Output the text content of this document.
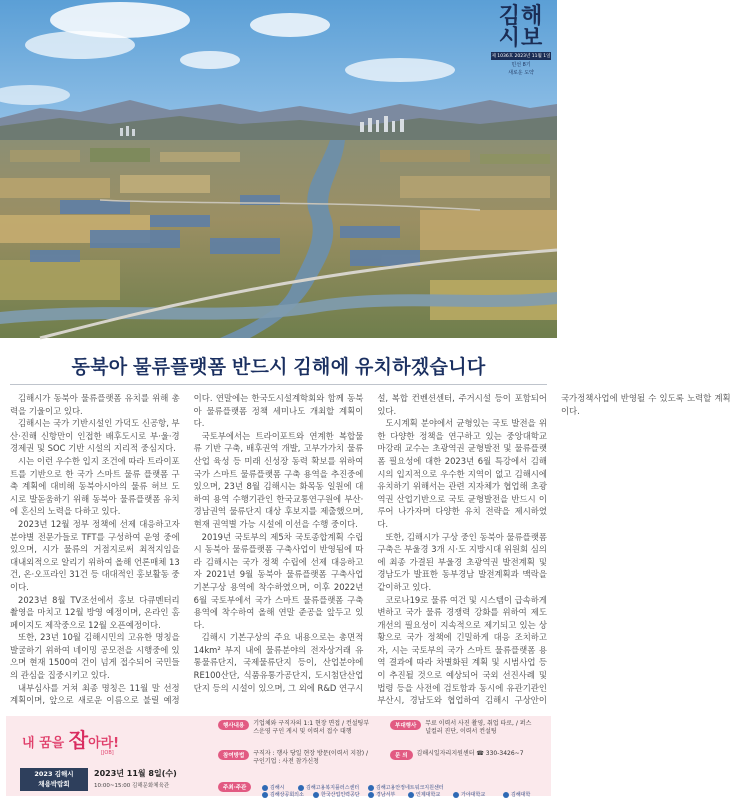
김해
시보
제 1036호 2023년 11월 1일
민선 8기
새로운 도약
동북아 물류플랫폼 반드시 김해에 유치하겠습니다

김해시가 동북아 물류플랫폼 유치를 위해 총력을 기울이고 있다.

김해시는 국가 기반시설인 가덕도 신공항, 부산·진해 신항만이 인접한 배후도시로 부·울·경 경제권 및 SOC 기반 시설의 지리적 중심지다.

시는 이런 우수한 입지 조건에 따라 트라이포트를 기반으로 한 국가 스마트 물류 플랫폼 구축 계획에 대비해 동북아시아의 물류 허브 도시로 발돋움하기 위해 동북아 물류플랫폼 유치에 혼신의 노력을 다하고 있다.

2023년 12월 정부 정책에 선제 대응하고자 분야별 전문가들로 TFT를 구성하여 운영 중에 있으며, 시가 물류의 거점지로써 최적지임을 대내외적으로 알리기 위하여 올해 언론매체 13건, 온·오프라인 31건 등 대대적인 홍보활동 중이다.

2023년 8월 TV조선에서 홍보 다큐멘터리 촬영을 마치고 12월 방영 예정이며, 온라인 홈페이지도 제작중으로 12월 오픈예정이다.

또한, 23년 10월 김해시민의 고유한 명칭을 발굴하기 위하여 네이밍 공모전을 시행중에 있으며 현재 1500여 건이 넘게 접수되어 국민들의 관심을 집중시키고 있다.

내부심사를 거쳐 최종 명칭은 11월 말 선정계획이며, 앞으로 새로운 이름으로 불릴 예정이다. 연말에는 한국도시설계학회와 함께 동북아 물류플랫폼 정책 세미나도 개최할 계획이다.

국토부에서는 트라이포트와 연계한 복합물류 기반 구축, 배후권역 개발, 고부가가치 물류산업 육성 등 미래 신성장 동력 확보를 위하여 국가 스마트 물류플랫폼 구축 용역을 추진중에 있으며, 23년 8월 김해시는 화목동 일원에 대하여 용역 수행기관인 한국교통연구원에 부산·경남권역 물류단지 대상 후보지를 제출했으며, 현재 권역별 가능 시설에 이선을 수행 중이다.

2019년 국토부의 제5차 국토종합계획 수립 시 동북아 물류플랫폼 구축사업이 반영됨에 따라 김해시는 국가 정책 수립에 선제 대응하고자 2021년 9월 동북아 물류플랫폼 구축사업 기본구상 용역에 착수하였으며, 이후 2022년 6월 국토부에서 국가 스마트 물류플랫폼 구축 용역에 착수하여 올해 연말 준공을 앞두고 있다.

김해시 기본구상의 주요 내용으로는 총면적 14km² 부지 내에 물류분야의 전자상거래 유통물류단지, 국제물류단지 등이, 산업분야에 RE100산단, 식품유통가공단지, 도시첨단산업단지 등의 시설이 있으며, 그 외에 R&D 연구시설, 복합 컨벤션센터, 주거시설 등이 포함되어 있다.

도시계획 분야에서 균형있는 국토 발전을 위한 다양한 정책을 연구하고 있는 중앙대학교 마강래 교수는 초광역권 균형발전 및 물류플랫폼 필요성에 대한 2023년 6월 특강에서 김해시의 입지적으로 우수한 지역이 없고 김해시에 유치하기 위해서는 관련 지자체가 협업해 초광역권 산업기반으로 국토 균형발전을 반드시 이루어 나가자며 다양한 유치 전략을 제시하였다.

또한, 김해시가 구상 중인 동북아 물류플랫폼 구축은 부울경 3개 시·도 지방시대 위원회 심의에 최종 가결된 부울경 초광역권 발전계획 및 경남도가 발표한 동부경남 발전계획과 맥락을 같이하고 있다.

코로나19로 물류 여건 및 시스템이 급속하게 변하고 국가 물류 경쟁력 강화를 위하여 제도 개선의 필요성이 지속적으로 제기되고 있는 상황으로 국가 정책에 긴밀하게 대응 조치하고자, 시는 국토부의 국가 스마트 물류플랫폼 용역 결과에 따라 차별화된 계획 및 시범사업 등이 추진될 것으로 예상되어 국외 선진사례 및 법령 등을 사전에 검토함과 동시에 유관기관인 부산시, 경남도와 협업하여 김해시 구상안이 국가정책사업에 반영될 수 있도록 노력할 계획이다.

내 꿈을 잡아라!
[JOB]
2023 김해시
채용박람회
2023년 11월 8일(수)
10:00~15:00 김해문화체육관
행사내용 기업체와 구직자의 1:1 현장 면접 / 컨설팅부스운영 구인 게시 및 이력서 접수 대행
부대행사 무료 이력서 사진 촬영, 취업 타로, / 퍼스널컬러 진단, 이력서 컨설팅
참여방법 구직자 : 행사 당일 현장 방문(이력서 지참) / 구인기업 : 사전 참가신청
문 의 김해시일자리지원센터 ☎ 330-3426~7
주최·주관	김해시	김해고용복지플러스센터	김해고용안정네트워크지원센터
김해상공회의소	한국산업인력공단	경남서부	인제대학교	가야대학교	김해대학
